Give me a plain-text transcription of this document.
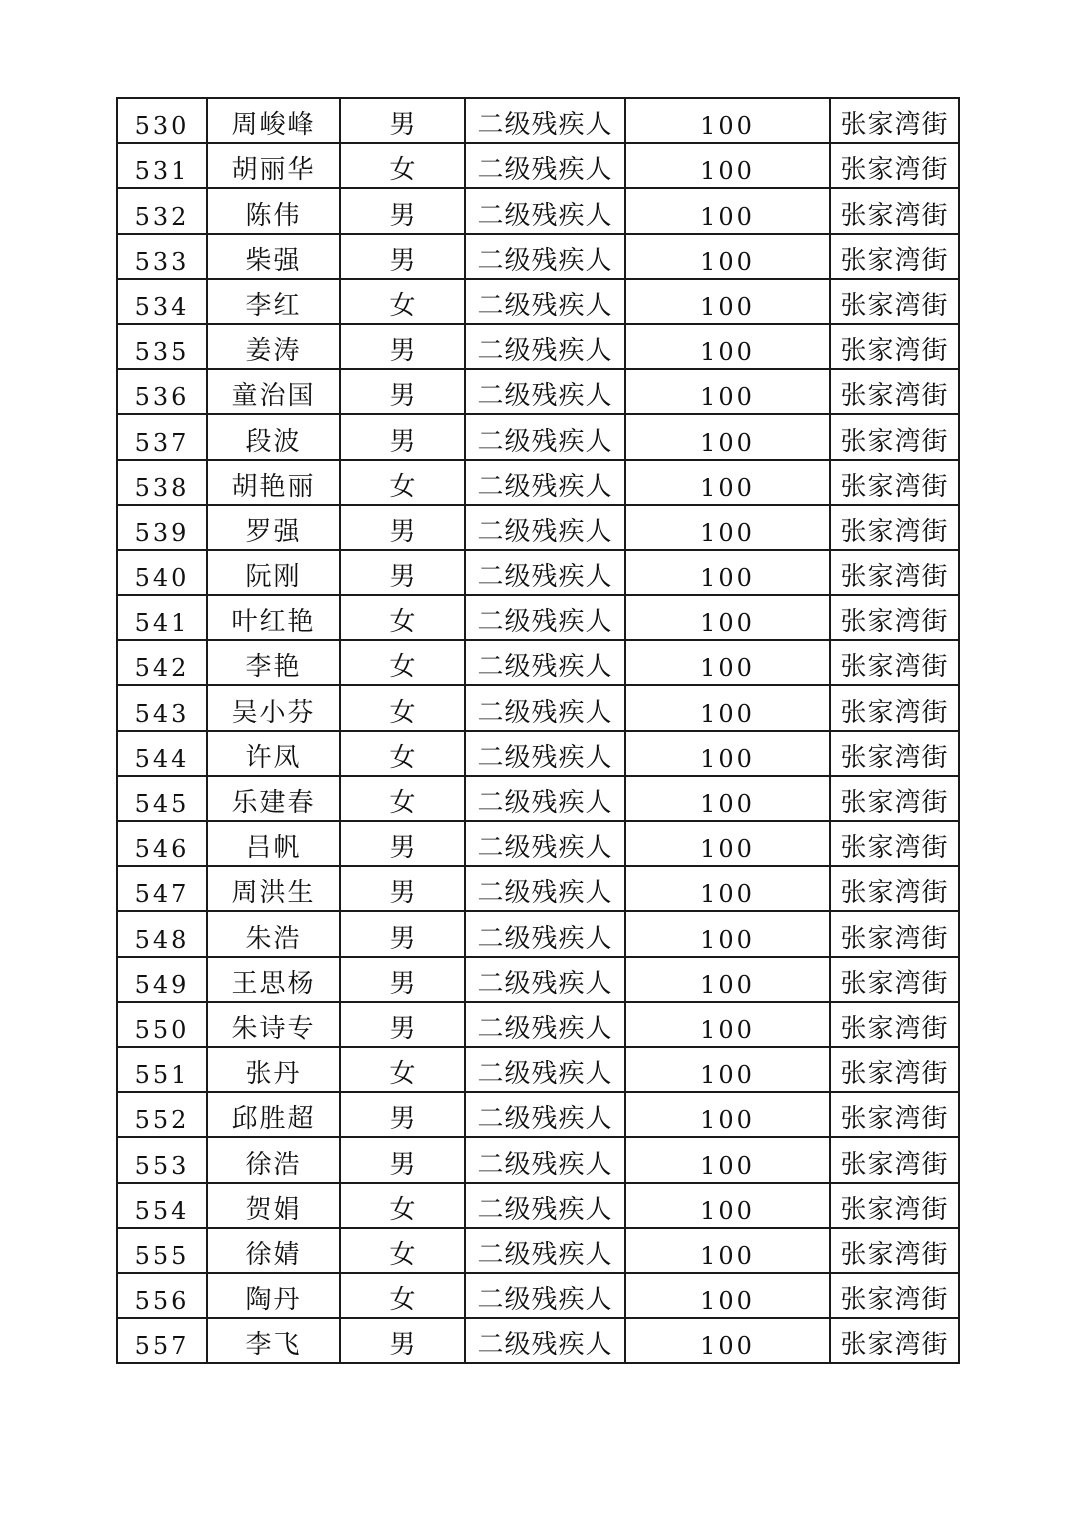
530	周峻峰	男	二级残疾人	100	张家湾街
531	胡丽华	女	二级残疾人	100	张家湾街
532	陈伟	男	二级残疾人	100	张家湾街
533	柴强	男	二级残疾人	100	张家湾街
534	李红	女	二级残疾人	100	张家湾街
535	姜涛	男	二级残疾人	100	张家湾街
536	童治国	男	二级残疾人	100	张家湾街
537	段波	男	二级残疾人	100	张家湾街
538	胡艳丽	女	二级残疾人	100	张家湾街
539	罗强	男	二级残疾人	100	张家湾街
540	阮刚	男	二级残疾人	100	张家湾街
541	叶红艳	女	二级残疾人	100	张家湾街
542	李艳	女	二级残疾人	100	张家湾街
543	吴小芬	女	二级残疾人	100	张家湾街
544	许凤	女	二级残疾人	100	张家湾街
545	乐建春	女	二级残疾人	100	张家湾街
546	吕帆	男	二级残疾人	100	张家湾街
547	周洪生	男	二级残疾人	100	张家湾街
548	朱浩	男	二级残疾人	100	张家湾街
549	王思杨	男	二级残疾人	100	张家湾街
550	朱诗专	男	二级残疾人	100	张家湾街
551	张丹	女	二级残疾人	100	张家湾街
552	邱胜超	男	二级残疾人	100	张家湾街
553	徐浩	男	二级残疾人	100	张家湾街
554	贺娟	女	二级残疾人	100	张家湾街
555	徐婧	女	二级残疾人	100	张家湾街
556	陶丹	女	二级残疾人	100	张家湾街
557	李飞	男	二级残疾人	100	张家湾街
